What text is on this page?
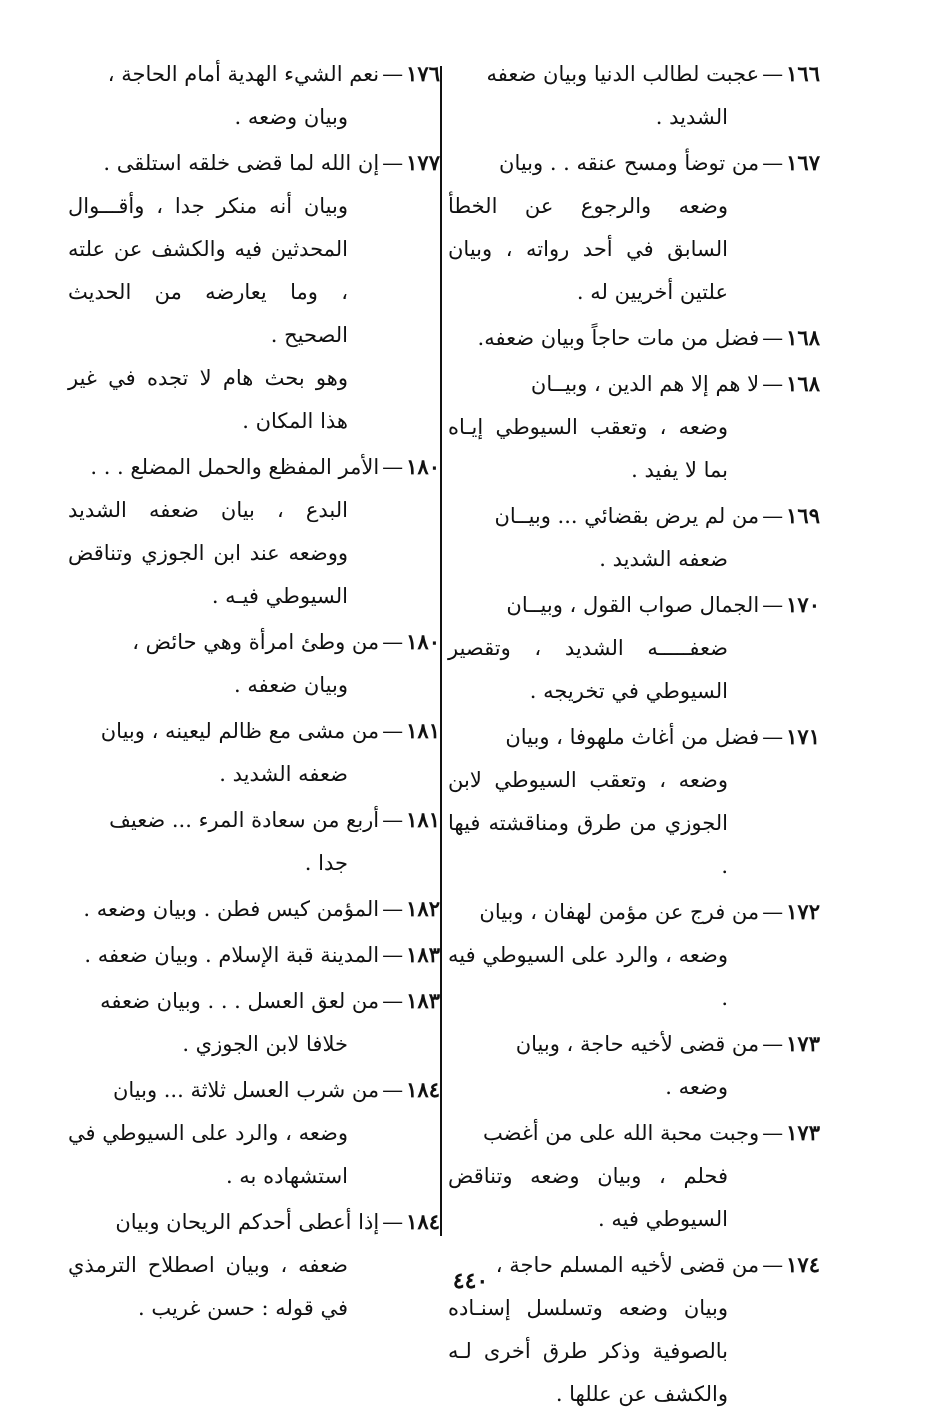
١٦٦—عجبت لطالب الدنيا وبيان ضعفه
الشديد .
١٦٧—من توضأ ومسح عنقه . . وبيان
وضعه والرجوع عن الخطأ السابق في أحد رواته ، وبيان علتين أخريين له .
١٦٨—فضل من مات حاجاً وبيان ضعفه.
١٦٨—لا هم إلا هم الدين ، وبيــان
وضعه ، وتعقب السيوطي إيـاه بما لا يفيد .
١٦٩—من لم يرض بقضائي ... وبيــان
ضعفه الشديد .
١٧٠—الجمال صواب القول ، وبيــان
ضعفـــــه الشديد ، وتقصير السيوطي في تخريجه .
١٧١—فضل من أغاث ملهوفا ، وبيان
وضعه ، وتعقب السيوطي لابن الجوزي من طرق ومناقشته فيها .
١٧٢—من فرج عن مؤمن لهفان ، وبيان
وضعه ، والرد على السيوطي فيه .
١٧٣—من قضى لأخيه حاجة ، وبيان
وضعه .
١٧٣—وجبت محبة الله على من أغضب
فحلم ، وبيان وضعه وتناقض السيوطي فيه .
١٧٤—من قضى لأخيه المسلم حاجة ،
وبيان وضعه وتسلسل إسنـاده بالصوفية وذكر طرق أخرى لـه والكشف عن عللها .
١٧٦—نعم الشيء الهدية أمام الحاجة ،
وبيان وضعه .
١٧٧—إن الله لما قضى خلقه استلقى .
وبيان أنه منكر جدا ، وأقـــوال المحدثين فيه والكشف عن علته ، وما يعارضه من الحديث الصحيح .
وهو بحث هام لا تجده في غير هذا المكان .
١٨٠—الأمر المفظع والحمل المضلع . . .
البدع ، بيان ضعفه الشديد ووضعه عند ابن الجوزي وتناقض السيوطي فيـه .
١٨٠—من وطئ امرأة وهي حائض ،
وبيان ضعفه .
١٨١—من مشى مع ظالم ليعينه ، وبيان
ضعفه الشديد .
١٨١—أربع من سعادة المرء ... ضعيف
جدا .
١٨٢—المؤمن كيس فطن . وبيان وضعه .
١٨٣—المدينة قبة الإسلام . وبيان ضعفه .
١٨٣—من لعق العسل . . . وبيان ضعفه
خلافا لابن الجوزي .
١٨٤—من شرب العسل ثلاثة ... وبيان
وضعه ، والرد على السيوطي في استشهاده به .
١٨٤—إذا أعطى أحدكم الريحان وبيان
ضعفه ، وبيان اصطلاح الترمذي في قوله : حسن غريب .
٤٤٠
